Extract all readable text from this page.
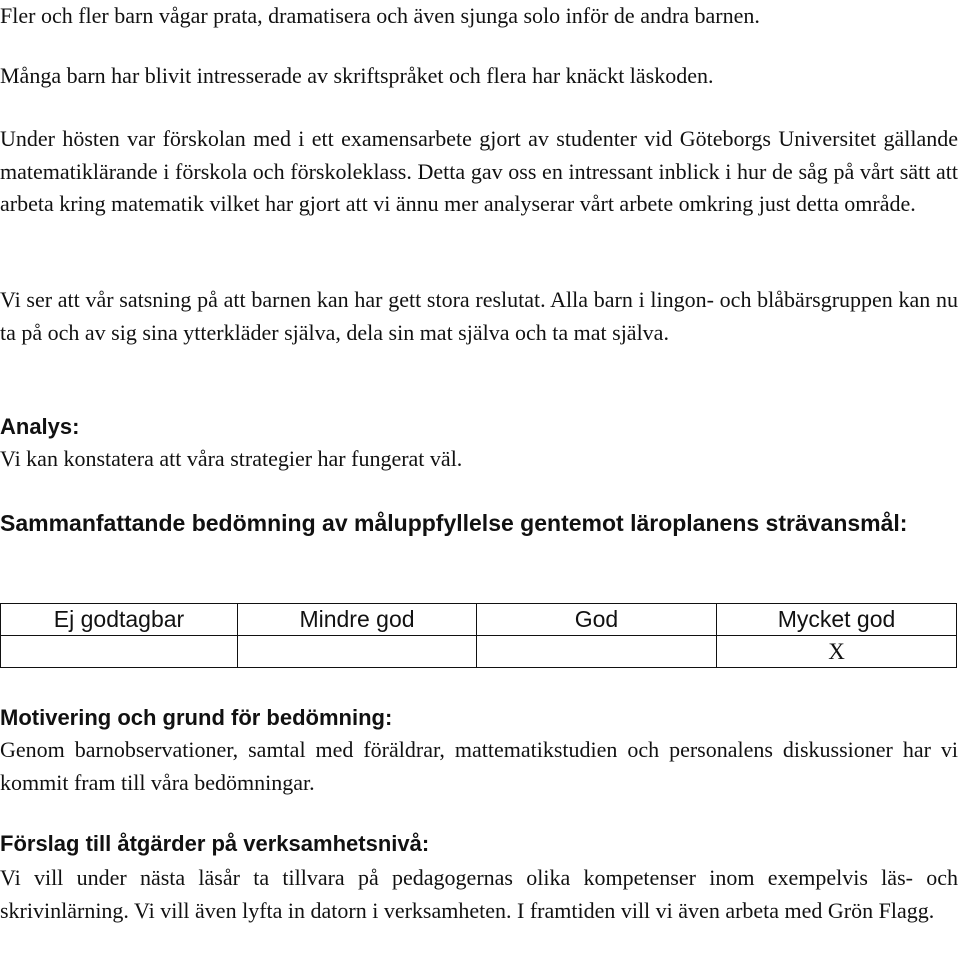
Fler och fler barn vågar prata, dramatisera och även sjunga solo inför de andra barnen.

Många barn har blivit intresserade av skriftspråket och flera har knäckt läskoden.

Under hösten var förskolan med i ett examensarbete gjort av studenter vid Göteborgs Universitet gällande matematiklärande i förskola och förskoleklass. Detta gav oss en intressant inblick i hur de såg på vårt sätt att arbeta kring matematik vilket har gjort att vi ännu mer analyserar vårt arbete omkring just detta område.

Vi ser att vår satsning på att barnen kan har gett stora reslutat. Alla barn i lingon- och blåbärsgruppen kan nu ta på och av sig sina ytterkläder själva, dela sin mat själva och ta mat själva.

Analys:

Vi kan konstatera att våra strategier har fungerat väl.

Sammanfattande bedömning av måluppfyllelse gentemot läroplanens strävansmål:
Ej godtagbar	Mindre god	God	Mycket god
			X
Motivering och grund för bedömning:

Genom barnobservationer, samtal med föräldrar, mattematikstudien och personalens diskussioner har vi kommit fram till våra bedömningar.

Förslag till åtgärder på verksamhetsnivå:

Vi vill under nästa läsår ta tillvara på pedagogernas olika kompetenser inom exempelvis läs- och skrivinlärning. Vi vill även lyfta in datorn i verksamheten. I framtiden vill vi även arbeta med Grön Flagg.
